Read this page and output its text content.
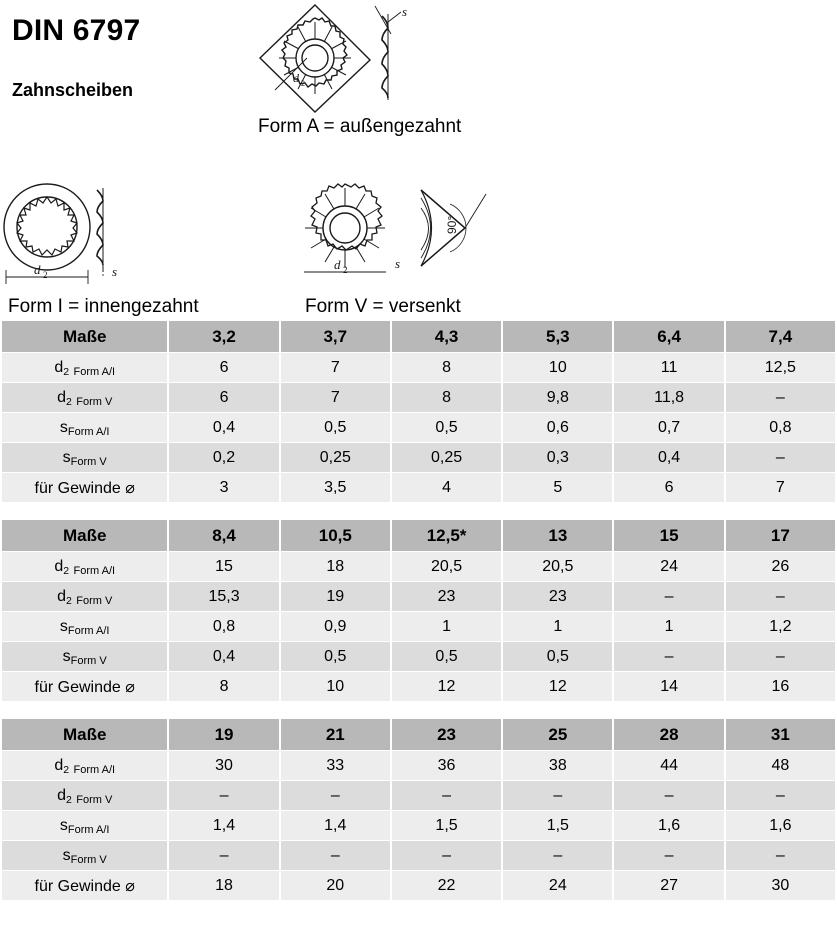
DIN 6797
Zahnscheiben
d 2
s
Form A = außengezahnt
d 2	s
Form I = innengezahnt
d 2	s
90°
Form V = versenkt
Maße	3,2	3,7	4,3	5,3	6,4	7,4
d2 Form A/I	6	7	8	10	11	12,5
d2 Form V	6	7	8	9,8	11,8	–
sForm A/I	0,4	0,5	0,5	0,6	0,7	0,8
sForm V	0,2	0,25	0,25	0,3	0,4	–
für Gewinde ⌀	3	3,5	4	5	6	7
Maße	8,4	10,5	12,5*	13	15	17
d2 Form A/I	15	18	20,5	20,5	24	26
d2 Form V	15,3	19	23	23	–	–
sForm A/I	0,8	0,9	1	1	1	1,2
sForm V	0,4	0,5	0,5	0,5	–	–
für Gewinde ⌀	8	10	12	12	14	16
Maße	19	21	23	25	28	31
d2 Form A/I	30	33	36	38	44	48
d2 Form V	–	–	–	–	–	–
sForm A/I	1,4	1,4	1,5	1,5	1,6	1,6
sForm V	–	–	–	–	–	–
für Gewinde ⌀	18	20	22	24	27	30
